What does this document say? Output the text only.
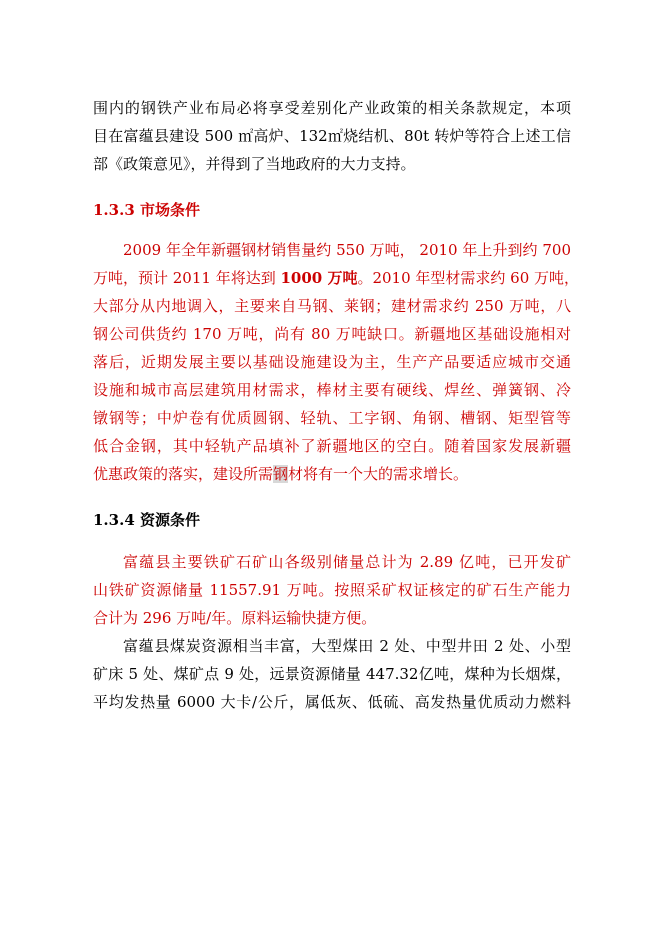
围内的钢铁产业布局必将享受差别化产业政策的相关条款规定，本项
目在富蕴县建设 500 ㎡高炉、132㎡烧结机、80t 转炉等符合上述工信
部《政策意见》，并得到了当地政府的大力支持。
1.3.3 市场条件
2009 年全年新疆钢材销售量约 550 万吨， 2010 年上升到约 700
万吨，预计 2011 年将达到 1000 万吨。2010 年型材需求约 60 万吨，
大部分从内地调入，主要来自马钢、莱钢；建材需求约 250 万吨，八
钢公司供货约 170 万吨，尚有 80 万吨缺口。新疆地区基础设施相对
落后，近期发展主要以基础设施建设为主，生产产品要适应城市交通
设施和城市高层建筑用材需求，棒材主要有硬线、焊丝、弹簧钢、冷
镦钢等；中炉卷有优质圆钢、轻轨、工字钢、角钢、槽钢、矩型管等
低合金钢，其中轻轨产品填补了新疆地区的空白。随着国家发展新疆
优惠政策的落实，建设所需钢材将有一个大的需求增长。
1.3.4 资源条件
富蕴县主要铁矿石矿山各级别储量总计为 2.89 亿吨，已开发矿
山铁矿资源储量 11557.91 万吨。按照采矿权证核定的矿石生产能力
合计为 296 万吨/年。原料运输快捷方便。
富蕴县煤炭资源相当丰富，大型煤田 2 处、中型井田 2 处、小型
矿床 5 处、煤矿点 9 处，远景资源储量 447.32亿吨，煤种为长烟煤，
平均发热量 6000 大卡/公斤，属低灰、低硫、高发热量优质动力燃料
